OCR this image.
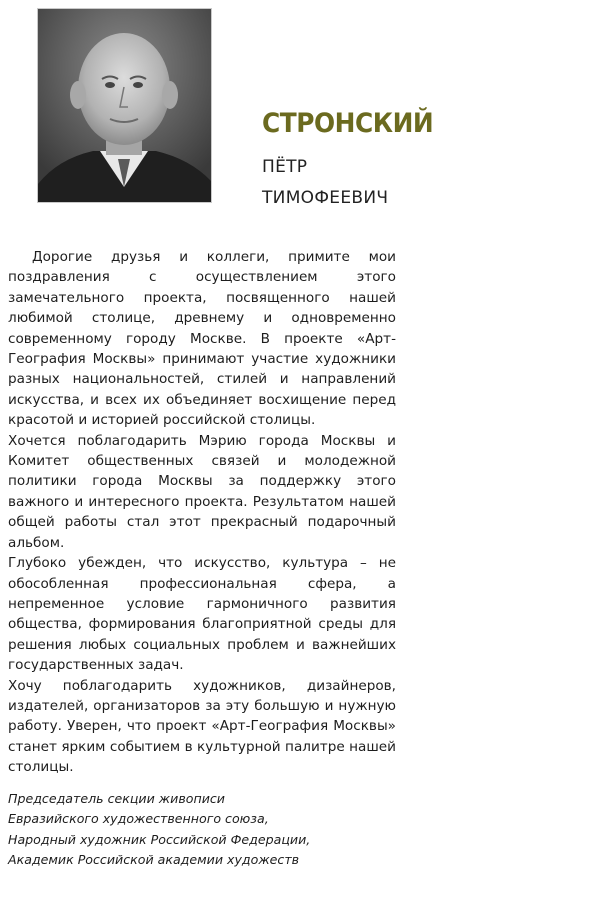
СТРОНСКИЙ
ПЁТР
ТИМОФЕЕВИЧ

Дорогие друзья и коллеги, примите мои поздравления с осуществлением этого замечательного проекта, посвященного нашей любимой столице, древнему и одновременно современному городу Москве. В проекте «Арт-География Москвы» принимают участие художники разных национальностей, стилей и направлений искусства, и всех их объединяет восхищение перед красотой и историей российской столицы.

Хочется поблагодарить Мэрию города Москвы и Комитет общественных связей и молодежной политики города Москвы за поддержку этого важного и интересного проекта. Результатом нашей общей работы стал этот прекрасный подарочный альбом.

Глубоко убежден, что искусство, культура – не обособленная профессиональная сфера, а непременное условие гармоничного развития общества, формирования благоприятной среды для решения любых социальных проблем и важнейших государственных задач.

Хочу поблагодарить художников, дизайнеров, издателей, организаторов за эту большую и нужную работу. Уверен, что проект «Арт-География Москвы» станет ярким событием в культурной палитре нашей столицы.

Председатель секции живописи
Евразийского художественного союза,
Народный художник Российской Федерации,
Академик Российской академии художеств
